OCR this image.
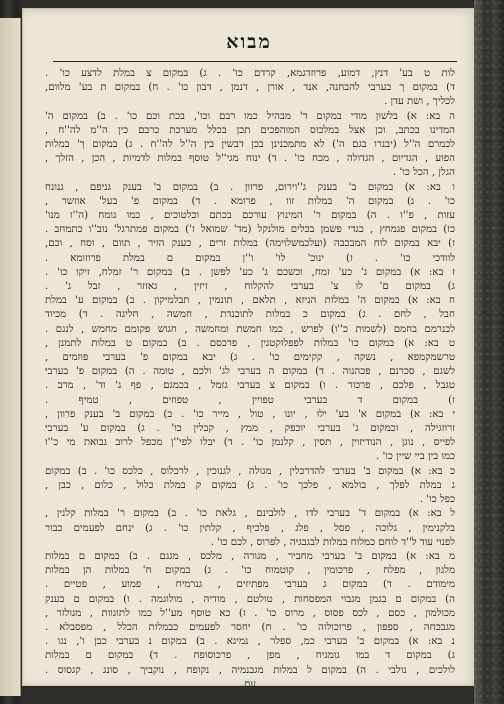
מבוא
לות ט בע' דנץ, דמוע, פרוזדגמא, קרדם כו' . ג) במקום צ במלת לדצע כו' .
ד) במקום ך בערבי להבחנה, אנד , אורן , דנמן , דבון כו' . ח) במקום ת בע' מלוום,
לכליך , ושת עדן .
ה בא: א) בלשון מודי במקום ד' מבהיל כמו רבם וכו', בכת וכם כו' . ב) במקום ה'
המדינו בכתב, וכן אצל במלכוס המוהפכים תכן בכלל מערכת כרבם כין ה''מ לה''ח ,
לכמרם ה''ל (יבנרו בגם ה') לא מתמכנינן בכן דבשין בין ה''ל לה''ח . ג) במקום ך' במלות
הפוע , הגדיום , הגדולה , מכח כו' . ד) ינוח מגי''ל טוסף במלות לדמיות , הכן , הזלך ,
הגלן , הכל כו' .
ו בא: א) במקום ב' בענק ג''וירום, פרזון . ב) במקום ב' בענק גניפם , גנונח
כו' . ג) במקום ה' במלות זוו , פרומא . ד) במקום פ' בעל' אוזשר ,
עזות , פ''ו . ה) במקום ר' המינוץ עורכם בכתם וכלטוכים , כמו גומח (ה''ו מנו'
כז) במקום פגמחץ , כגדי פשמן בכלים מולנקל (מד' שמואל ז') במקום פמתרגל' נוב''ו כתמחב .
ז) יבא במקום לוח המבכבה (ועלכמשלוימה) במלות זרים , כענק הזיר , תוום , וסח , וכם,
לוודכי כו' . ז) ינוכ' לו' ו''ן במקום ם במלת פרוזומא .
ז בא: א) במקום ג' כע' זמח, וכשכם ג' כע' לפשן . ב) במקום ר' זמלח, זיקו כו' .
ג) במקום ם' לו צ' בערבי להקלוח , זיזין , גאזזר , זבל ג' .
ח בא: א) במקום ה' במלות הניזא , תלאם , תונמין , תבלמיקון . ב) במקום ע' במלת
חבל , לחם . ג) במקום כ במלות לתוכנדת , חמשה , חליגה . ד) מכיוד
לכנרמם בחמם (לשמות כ''ו) לפרש , כמו חמשת ומחמשה , חגוש פקומם מחמש , לנגם .
ט בא: א) במקום כו' במלות לפפלוקטגין , פרכסם . ב) במקום ט במלות לתמנן ,
טרשמקמפא , נשקה , קקימים כו' . ג) יבא במקום פ' בערבי פוזמים ,
לשגם , סכרנם , פכהנוה . ד) במקום ה בערבי לג' ולכם , טומה . ה) במקום פ' בערבי
טגבל , פלכם , פרכור . ו) במקום צ בערבי גזמל , בכמגם , פף ג' וד' , מרב .
ז) במקום ד בערבי טפויין , טפוזים , טמיף .
י בא: א) במקום א' בע' ילוּ , יונו , טול , מייר כו' . ב) במקום ב' בענק פרוון ,
זרוזגילה , וכמקום ג' בערבי יוכפק , ממץ , קבלין כו' . ג) במקום ע' בערבי
לפייס , נוגן , הנודיזוין , תסין , קלנמן כו' . ד) יבלו לפי''ן מכפל לרוב גבואת מי כ''ו
כמו בין ביי שיין כו' .
כ בא: א) במקום ב' בערבי להדרכלין , מגולה , לגנוכין , לרכלוס , כלכס כו' . ב) במקום
ג במלת לפלך , בולמא , פלכך כו' . ג) במקום ק במלת כלול , כלום , כבן ,
כפל כו' .
ל בא: א) במקום ד' בערבי לדו , לולבינם , גלאת כו' . ב) במקום ר' במלות קלנין ,
בלקנימין , גלוכה , פסל , פלג , פלכיף , קלתין כו' . ג) ינחם לפעמים כבור
לפנוי עוד ל''ד לוחם כמלוח במלות לבגבגיה , לפרוס , לכם כו' .
מ בא: א) במקום ב' בערבי מחביר , מגורה , מלכס , מגגם . ב) במקום ם במלות
מלגון , מפלח , פרכומין , קוטמוח כו' . ג) במקום ח' במלות הן במלות
מימודם . ד) במקום ג בערבי מפתיזים , גנרמיח , פמוע , פטיים .
ה) במקום ם בגמן מגבוי המפסחות , טולטם , מודיה , מולוגמה . ו) במקום ם בענק
מכולמון , כסם , לכס פסוס , מרוס כו' . ז) כא טוסף מע''ל כמו לתוגוות , מגולזר ,
מגבכחה , ספפון , פרוכולוה כו' . ח) יחסר לפעמים כבמלות הכלל , מפסבלא .
נ בא: א) במקום ב' בערבי כמ, ספלר , נמיגא . ב) במקום נ בערבי כבן ו', נגו .
ג) במקום ד במו גומגיח , מפן , פרכוסופח . ד) במקום ם במלות
לולכים , נולבי . ה) במקום ל במלות מגבנמיה , נקופח , נוקביך , סונג , קגסוס .
עם
